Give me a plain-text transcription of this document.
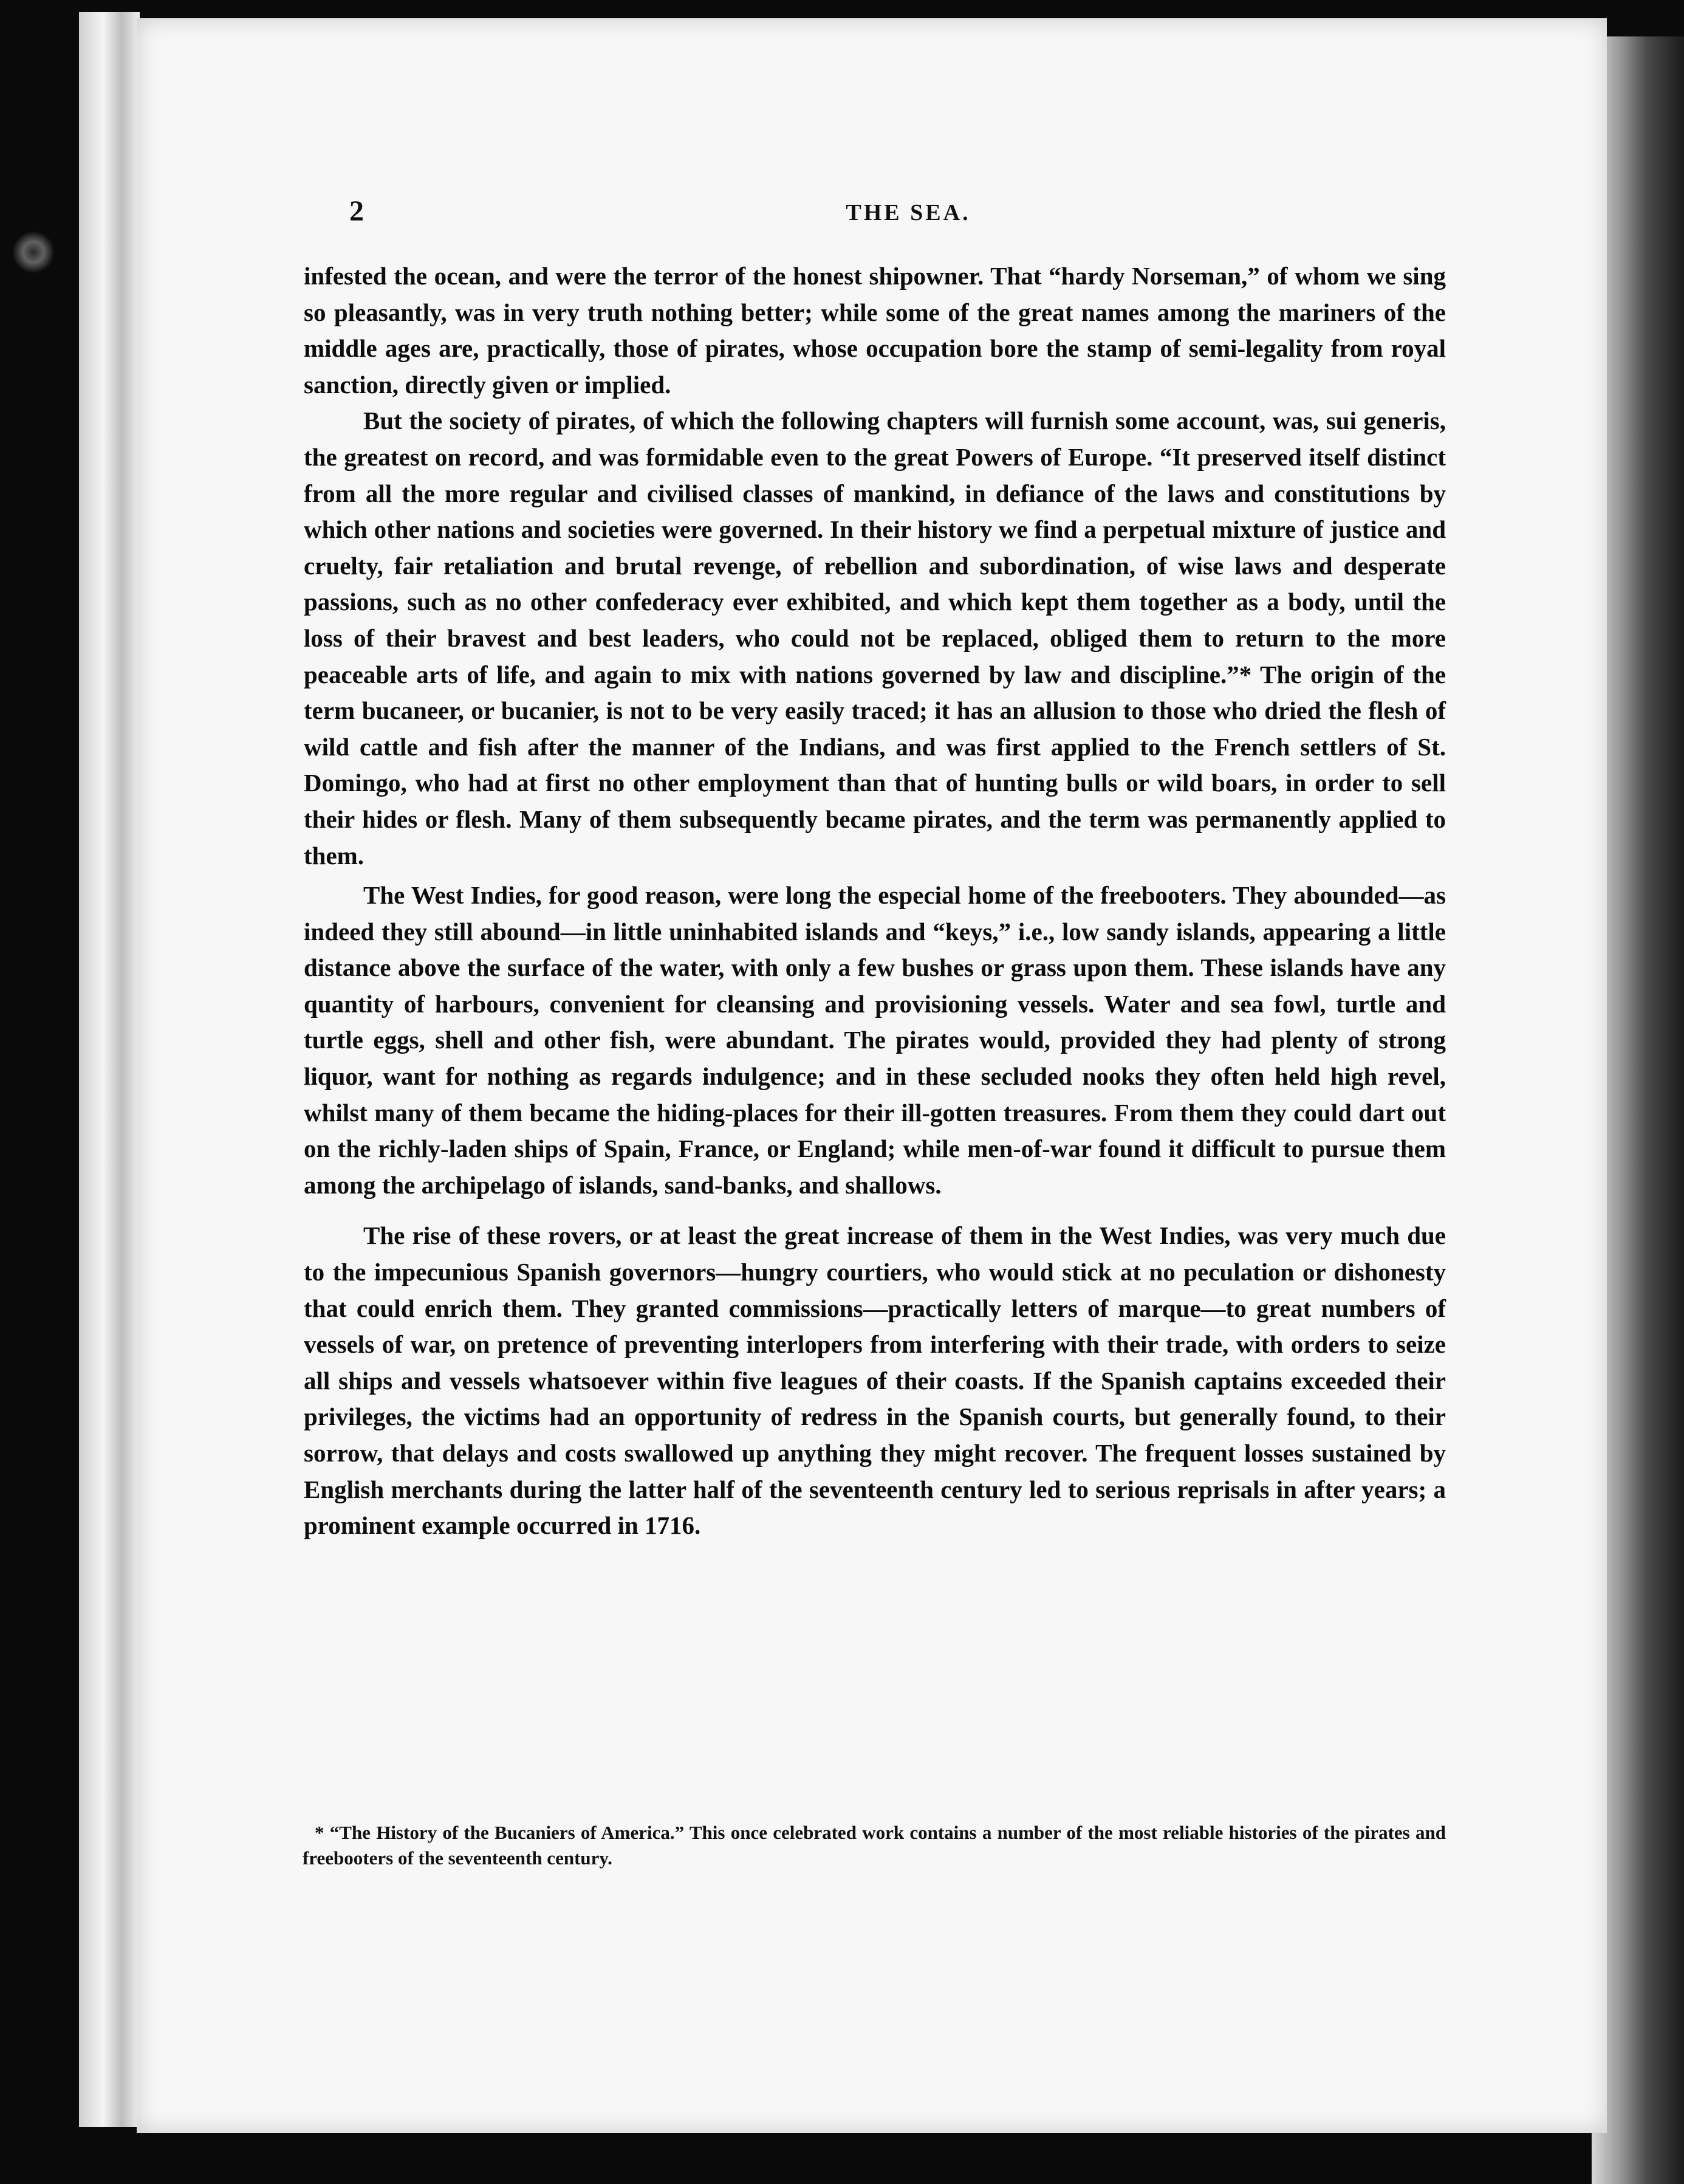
2	THE SEA.

infested the ocean, and were the terror of the honest shipowner. That “hardy Norseman,” of whom we sing so pleasantly, was in very truth nothing better; while some of the great names among the mariners of the middle ages are, practically, those of pirates, whose occupation bore the stamp of semi-legality from royal sanction, directly given or implied.

But the society of pirates, of which the following chapters will furnish some account, was, sui generis, the greatest on record, and was formidable even to the great Powers of Europe. “It preserved itself distinct from all the more regular and civilised classes of mankind, in defiance of the laws and constitutions by which other nations and societies were governed. In their history we find a perpetual mixture of justice and cruelty, fair retaliation and brutal revenge, of rebellion and subordination, of wise laws and desperate passions, such as no other confederacy ever exhibited, and which kept them together as a body, until the loss of their bravest and best leaders, who could not be replaced, obliged them to return to the more peaceable arts of life, and again to mix with nations governed by law and discipline.”* The origin of the term bucaneer, or bucanier, is not to be very easily traced; it has an allusion to those who dried the flesh of wild cattle and fish after the manner of the Indians, and was first applied to the French settlers of St. Domingo, who had at first no other employment than that of hunting bulls or wild boars, in order to sell their hides or flesh. Many of them subsequently became pirates, and the term was permanently applied to them.

The West Indies, for good reason, were long the especial home of the freebooters. They abounded—as indeed they still abound—in little uninhabited islands and “keys,” i.e., low sandy islands, appearing a little distance above the surface of the water, with only a few bushes or grass upon them. These islands have any quantity of harbours, convenient for cleansing and provisioning vessels. Water and sea fowl, turtle and turtle eggs, shell and other fish, were abundant. The pirates would, provided they had plenty of strong liquor, want for nothing as regards indulgence; and in these secluded nooks they often held high revel, whilst many of them became the hiding-places for their ill-gotten treasures. From them they could dart out on the richly-laden ships of Spain, France, or England; while men-of-war found it difficult to pursue them among the archipelago of islands, sand-banks, and shallows.

The rise of these rovers, or at least the great increase of them in the West Indies, was very much due to the impecunious Spanish governors—hungry courtiers, who would stick at no peculation or dishonesty that could enrich them. They granted commissions—practically letters of marque—to great numbers of vessels of war, on pretence of preventing interlopers from interfering with their trade, with orders to seize all ships and vessels whatsoever within five leagues of their coasts. If the Spanish captains exceeded their privileges, the victims had an opportunity of redress in the Spanish courts, but generally found, to their sorrow, that delays and costs swallowed up anything they might recover. The frequent losses sustained by English merchants during the latter half of the seventeenth century led to serious reprisals in after years; a prominent example occurred in 1716.

* “The History of the Bucaniers of America.” This once celebrated work contains a number of the most reliable histories of the pirates and freebooters of the seventeenth century.
